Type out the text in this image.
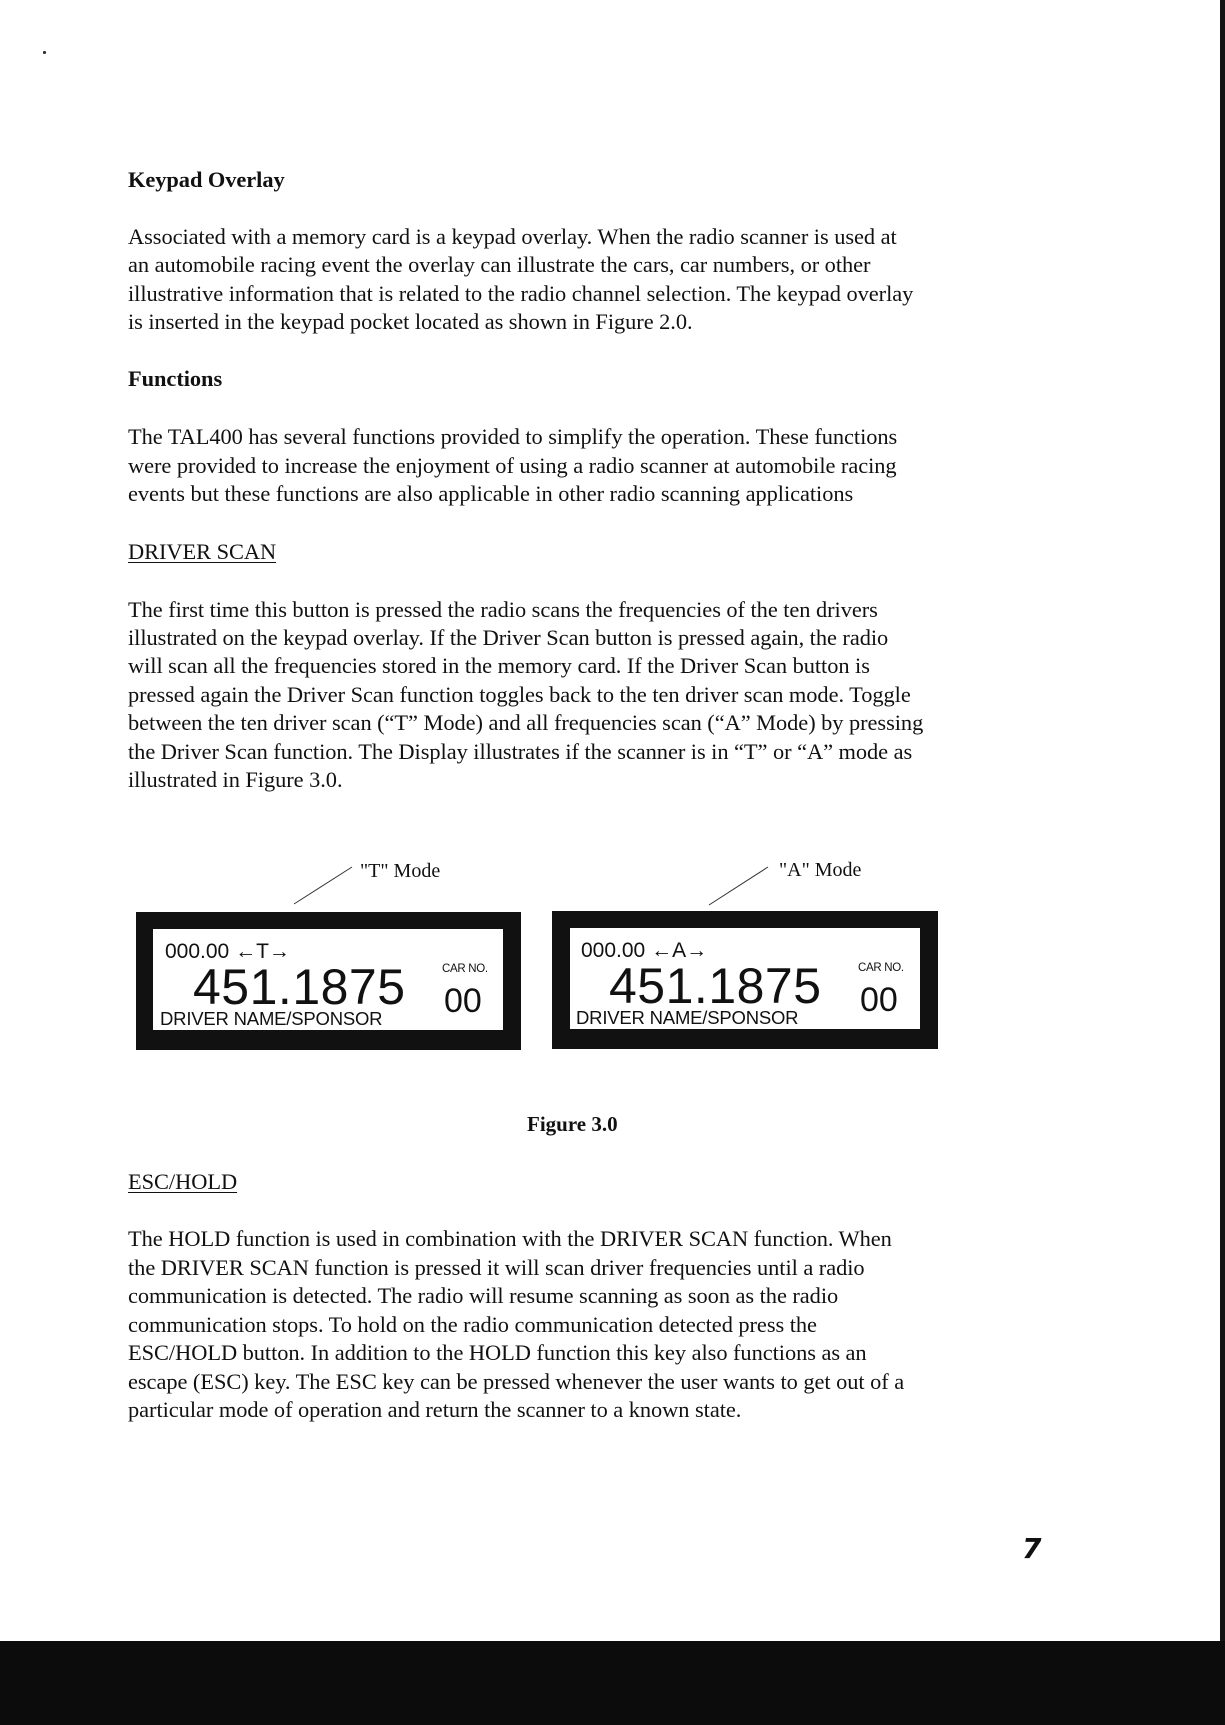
Keypad Overlay
Associated with a memory card is a keypad overlay. When the radio scanner is used at
an automobile racing event the overlay can illustrate the cars, car numbers, or other
illustrative information that is related to the radio channel selection. The keypad overlay
is inserted in the keypad pocket located as shown in Figure 2.0.
Functions
The TAL400 has several functions provided to simplify the operation. These functions
were provided to increase the enjoyment of using a radio scanner at automobile racing
events but these functions are also applicable in other radio scanning applications
DRIVER SCAN
The first time this button is pressed the radio scans the frequencies of the ten drivers
illustrated on the keypad overlay. If the Driver Scan button is pressed again, the radio
will scan all the frequencies stored in the memory card. If the Driver Scan button is
pressed again the Driver Scan function toggles back to the ten driver scan mode. Toggle
between the ten driver scan (“T” Mode) and all frequencies scan (“A” Mode) by pressing
the Driver Scan function. The Display illustrates if the scanner is in “T” or “A” mode as
illustrated in Figure 3.0.
"T" Mode	"A" Mode
000.00 ←T→
451.1875	CAR NO.
00
DRIVER NAME/SPONSOR
000.00 ←A→
451.1875	CAR NO.
00
DRIVER NAME/SPONSOR
Figure 3.0
ESC/HOLD
The HOLD function is used in combination with the DRIVER SCAN function. When
the DRIVER SCAN function is pressed it will scan driver frequencies until a radio
communication is detected. The radio will resume scanning as soon as the radio
communication stops. To hold on the radio communication detected press the
ESC/HOLD button. In addition to the HOLD function this key also functions as an
escape (ESC) key. The ESC key can be pressed whenever the user wants to get out of a
particular mode of operation and return the scanner to a known state.
7
